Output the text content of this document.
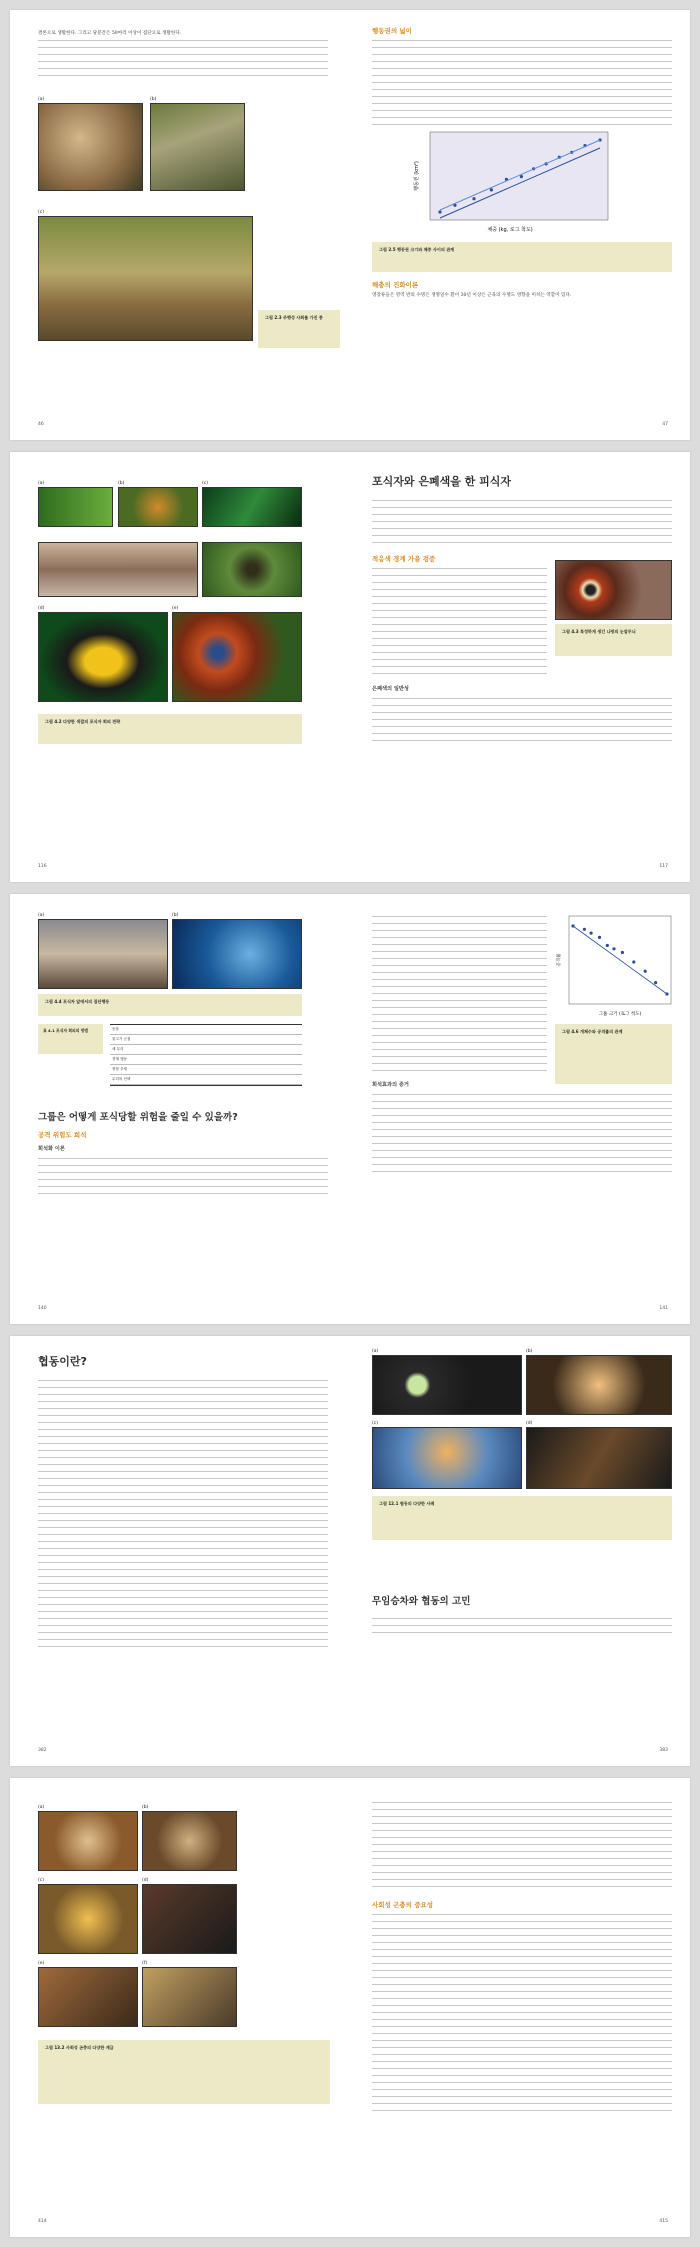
결론으로 생활한다. 그리고 당분간은 50마리 이상이 집단으로 생활한다.
(a)	(b)
(c)
그림 2.3 주행성 사회를 가진 종
46
행동권의 넓이
체중 (kg, 로그 척도)
행동권 (km²)
그림 2.5 행동권 크기와 체중 사이의 관계
해충의 진화이론
영장류들은 영역 반의 수명은 생명일수 환이 30년 이상은 근육의 수명도 영향을 미치는 역할이 있다.
47
(a)	(b)	(c)
(d)	(e)
그림 4.2 다양한 색깔의 포식자 회피 전략
116
포식자와 은폐색을 한 피식자
적응색 경계 가을 검증
그림 4.3 특정하게 생긴 나방의 눈알무늬
은폐색의 일반성
117
(a)	(b)
그림 4.4 포식자 앞에서의 집단행동
표 4.1 포식자 회피의 방법	동물
물고기 군집
새 무리
경계 행동
정찰 우세
무리의 선택
그룹은 어떻게 포식당할 위험을 줄일 수 있을까?
공격 위험도 희석
희석화 이론
140
그룹 크기 (로그 척도)
공격률
그림 4.6 개체수와 공격률의 관계
희석효과의 증거
141
협동이란?
382
(a)	(b)
(c)	(d)
그림 12.1 협동의 다양한 사례
무임승차와 협동의 고민
383
(a)	(b)
(c)	(d)
(e)	(f)
그림 13.2 사회성 곤충의 다양한 계급
414
사회성 곤충의 중요성
415
